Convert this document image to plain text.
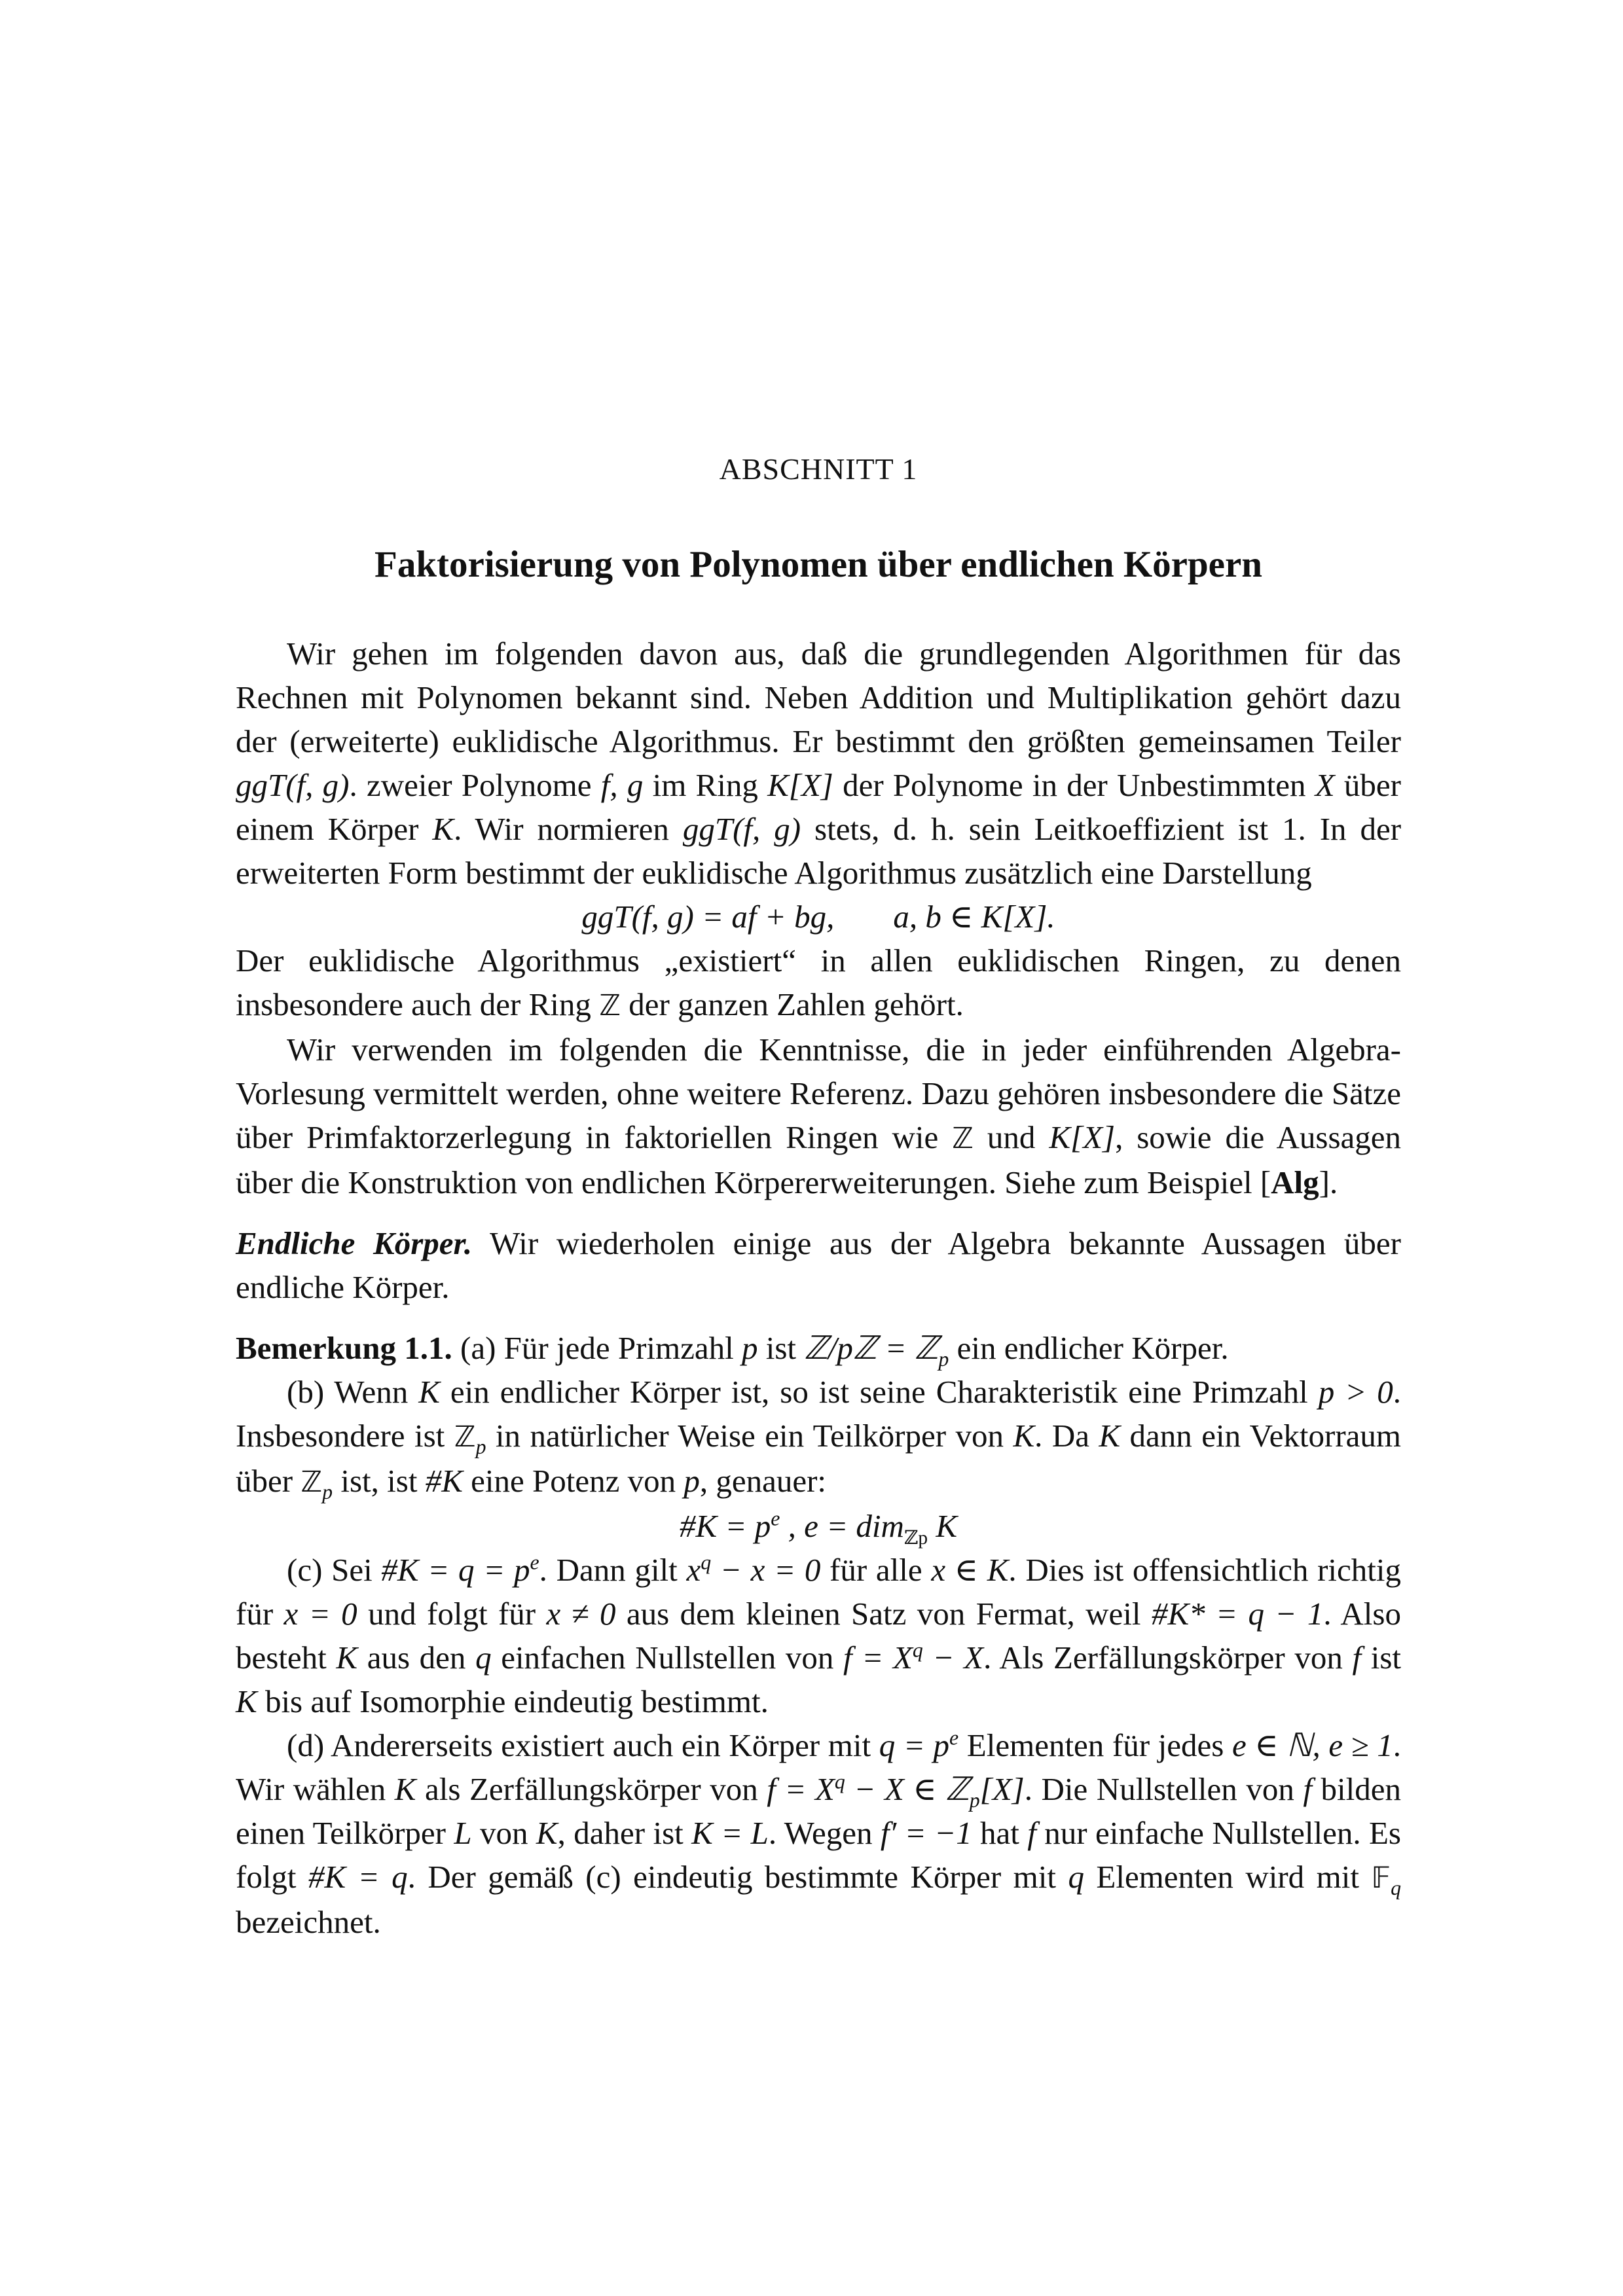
ABSCHNITT 1
Faktorisierung von Polynomen über endlichen Körpern

Wir gehen im folgenden davon aus, daß die grundlegenden Algorithmen für das Rechnen mit Polynomen bekannt sind. Neben Addition und Multiplikation gehört dazu der (erweiterte) euklidische Algorithmus. Er bestimmt den größten gemeinsamen Teiler ggT(f, g). zweier Polynome f, g im Ring K[X] der Polynome in der Unbestimmten X über einem Körper K. Wir normieren ggT(f, g) stets, d. h. sein Leitkoeffizient ist 1. In der erweiterten Form bestimmt der euklidische Algorithmus zusätzlich eine Darstellung

ggT(f, g) = af + bg, a, b ∈ K[X].

Der euklidische Algorithmus „existiert“ in allen euklidischen Ringen, zu denen insbesondere auch der Ring ℤ der ganzen Zahlen gehört.

Wir verwenden im folgenden die Kenntnisse, die in jeder einführenden Algebra-Vorlesung vermittelt werden, ohne weitere Referenz. Dazu gehören insbesondere die Sätze über Primfaktorzerlegung in faktoriellen Ringen wie ℤ und K[X], sowie die Aussagen über die Konstruktion von endlichen Körpererweiterungen. Siehe zum Beispiel [Alg].

Endliche Körper. Wir wiederholen einige aus der Algebra bekannte Aussagen über endliche Körper.

Bemerkung 1.1. (a) Für jede Primzahl p ist ℤ/pℤ = ℤ$_p$ ein endlicher Körper.

(b) Wenn K ein endlicher Körper ist, so ist seine Charakteristik eine Primzahl p > 0. Insbesondere ist ℤ$_p$ in natürlicher Weise ein Teilkörper von K. Da K dann ein Vektorraum über ℤ$_p$ ist, ist #K eine Potenz von p, genauer:

#K = $p^e$ , e = dim$_{ℤp}$ K

(c) Sei #K = $q = p^e$. Dann gilt $x^q - x = 0$ für alle x ∈ K. Dies ist offensichtlich richtig für x = 0 und folgt für x ≠ 0 aus dem kleinen Satz von Fermat, weil #K* = q − 1. Also besteht K aus den q einfachen Nullstellen von $f = X^q - X$. Als Zerfällungskörper von f ist K bis auf Isomorphie eindeutig bestimmt.

(d) Andererseits existiert auch ein Körper mit $q = p^e$ Elementen für jedes e ∈ ℕ, e ≥ 1. Wir wählen K als Zerfällungskörper von $f = X^q - X$ ∈ ℤ$_p$[X]. Die Nullstellen von f bilden einen Teilkörper L von K, daher ist K = L. Wegen f′ = −1 hat f nur einfache Nullstellen. Es folgt #K = q. Der gemäß (c) eindeutig bestimmte Körper mit q Elementen wird mit 𝔽$_q$ bezeichnet.
